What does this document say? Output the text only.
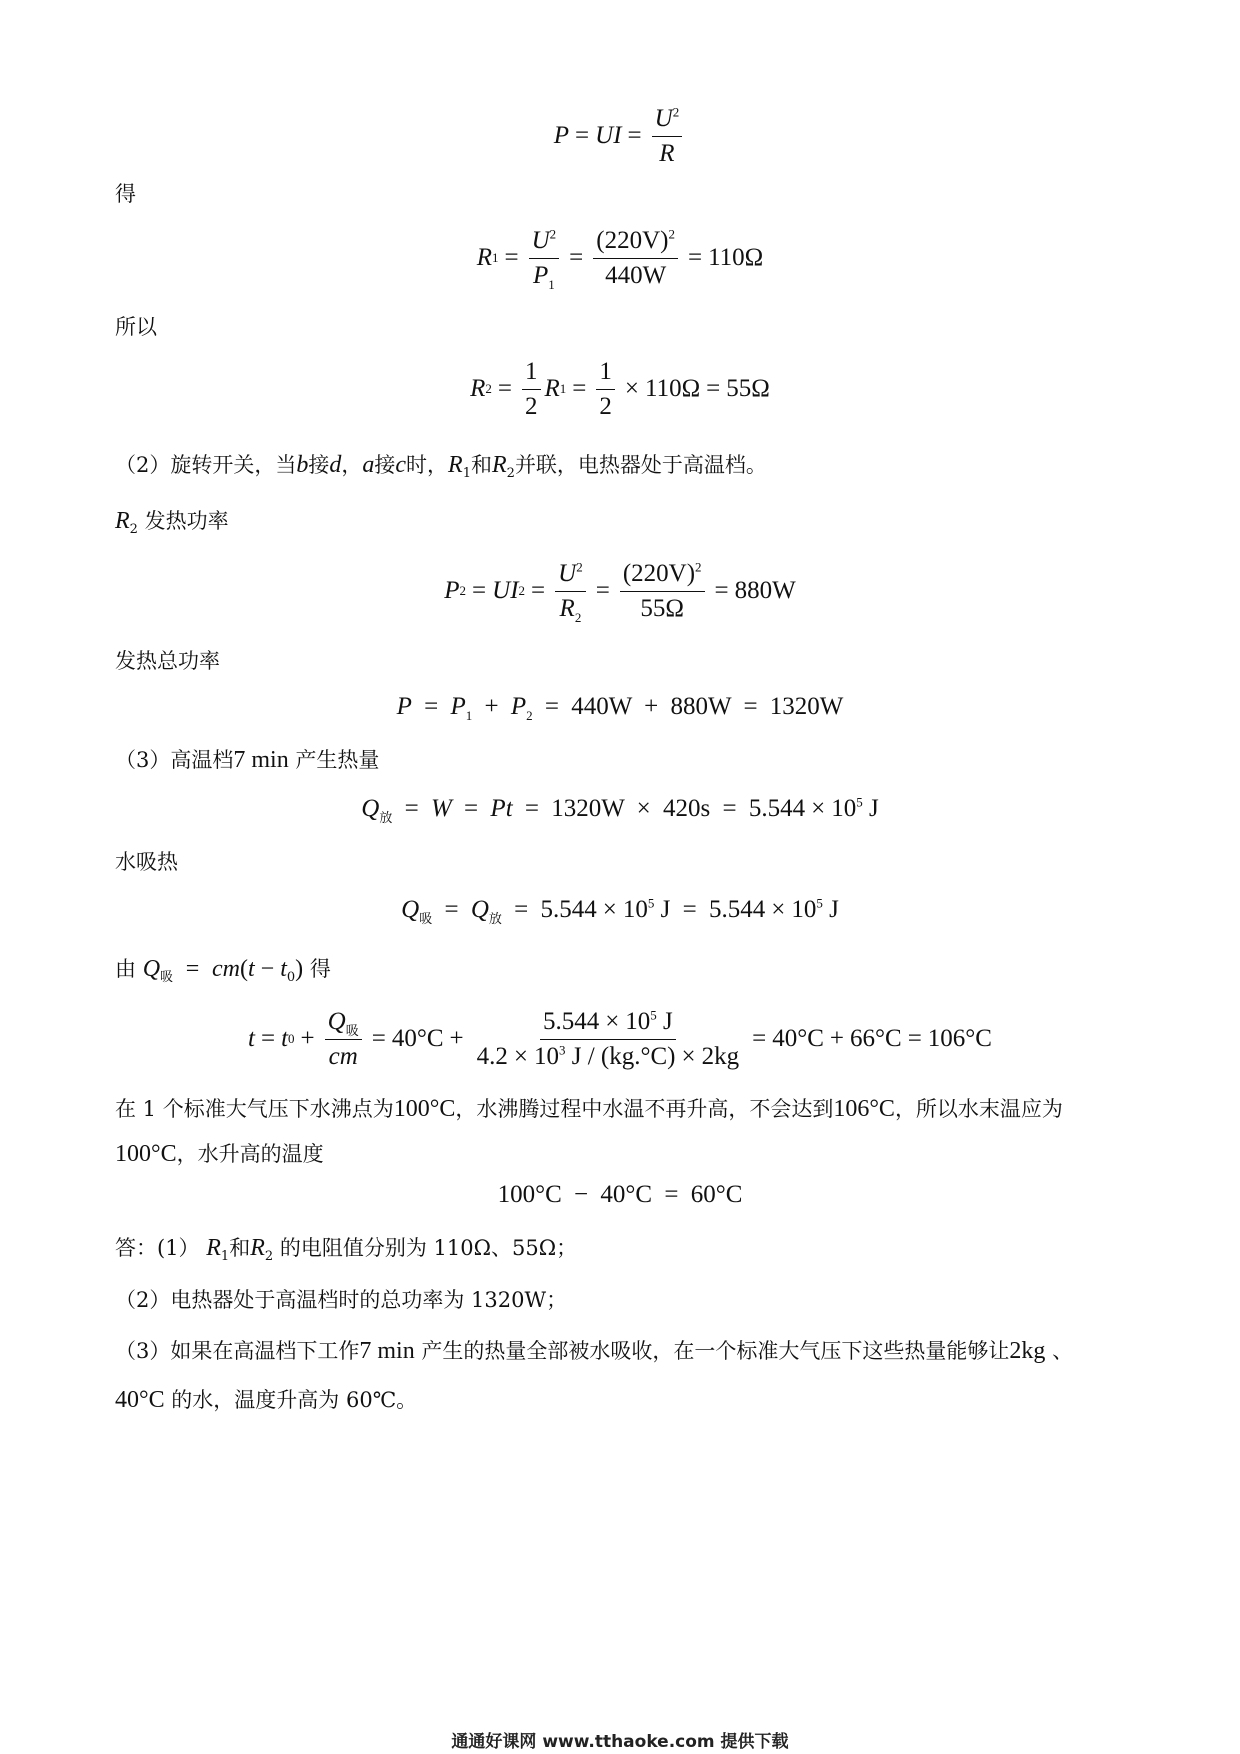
P = U $I = \frac{U^2}{R}$
得
R $1 = \frac{U^2}{P_1} = \frac{(220V)^2}{440W} = 110\Omega$
所以
R $2 = \frac{1}{2}$ R $1 = \frac{1}{2} \times 110\Omega = 55\Omega$
（2）旋转开关，当b接d，a接c时，$R_1$和$R_2$并联，电热器处于高温档。
$R_2$ 发热功率
P 2 = U I $2 = \frac{U^2}{R_2} = \frac{(220V)^2}{55\Omega} = 880W$
发热总功率
$P = P_1 + P_2 = 440W + 880W = 1320W$
（3）高温档7 min 产生热量
$Q_放 = W = Pt = 1320W \times 420s = 5.544 \times 10^5$ J
水吸热
$Q_吸 = Q_放 = 5.544 \times 10^5$ $J = 5.544 \times 10^5$ J
由 $Q_吸 = cm(t - t_0)$ 得
t = t $0 + \frac{Q_吸}{cm} = 40^\circ C + \frac{5.544 \times 10^5 J}{4.2 \times 10^3 J / (kg.^\circ C) \times 2kg} = 40^\circ C + 66^\circ C = 106^\circ C$
在 1 个标准大气压下水沸点为100°C，水沸腾过程中水温不再升高，不会达到106°C，所以水末温应为
100°C，水升高的温度
100°C − 40°C = 60°C
答：(1） $R_1$和$R_2$ 的电阻值分别为 110Ω、55Ω；
（2）电热器处于高温档时的总功率为 1320W；
（3）如果在高温档下工作7 min 产生的热量全部被水吸收，在一个标准大气压下这些热量能够让2kg 、
40°C 的水，温度升高为 60℃。
通通好课网 www.tthaoke.com 提供下载
